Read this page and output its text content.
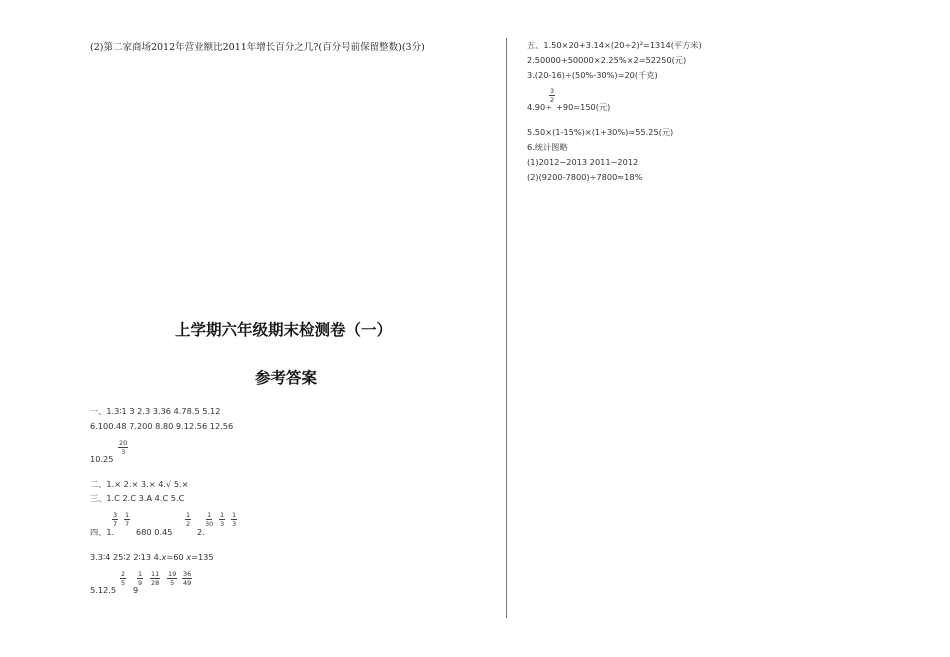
(2)第二家商场2012年营业额比2011年增长百分之几?(百分号前保留整数)(3分)
上学期六年级期末检测卷（一）
参考答案
一、1.3∶1 3 2.3 3.36 4.78.5 5.12
6.100.48 7.200 8.80 9.12.56 12.56
$\frac{20}{3}$
10.25
二、1.× 2.× 3.× 4.√ 5.×
三、1.C 2.C 3.A 4.C 5.C
$\frac{3}{7} \frac{1}{7}$	$\frac{1}{2} \frac{1}{30} \frac{1}{3} \frac{1}{3}$
四、1.	680 0.45	2.
3.3∶4 25∶2 2∶13 4.x=60 x=135
$\frac{2}{5} \frac{1}{9} \frac{11}{28} \frac{19}{5} \frac{36}{49}$
5.12.5 9
五、1.50×20+3.14×(20÷2)²=1314(平方米)
2.50000+50000×2.25%×2=52250(元)
3.(20-16)÷(50%-30%)=20(千克)
$\frac{3}{2}$
4.90÷ +90=150(元)
5.50×(1-15%)×(1+30%)=55.25(元)
6.统计图略
(1)2012−2013 2011−2012
(2)(9200-7800)÷7800≈18%
